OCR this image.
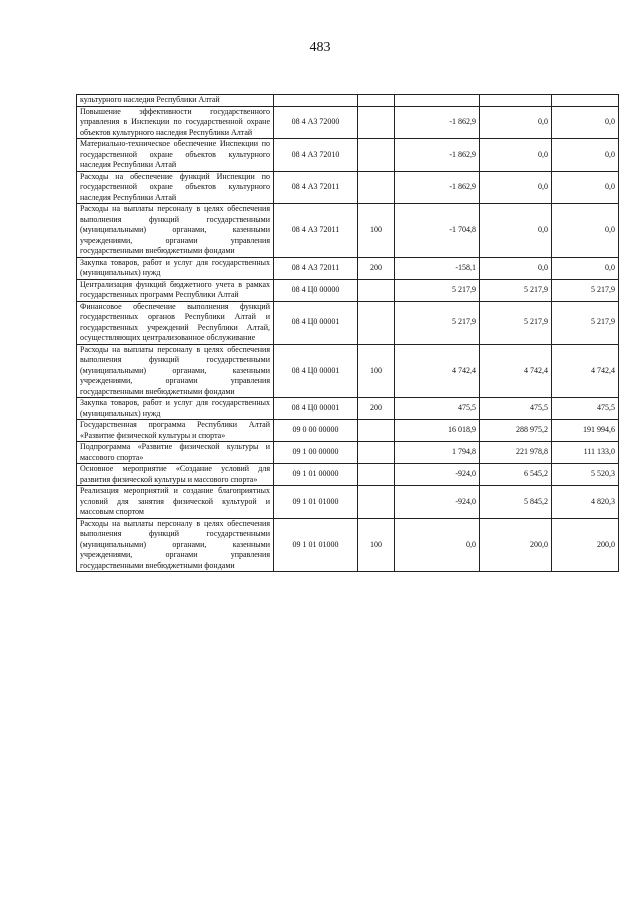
483
культурного наследия Республики Алтай					
Повышение эффективности государственного управления в Инспекции по государственной охране объектов культурного наследия Республики Алтай	08 4 А3 72000		-1 862,9	0,0	0,0
Материально-техническое обеспечение Инспекции по государственной охране объектов культурного наследия Республики Алтай	08 4 А3 72010		-1 862,9	0,0	0,0
Расходы на обеспечение функций Инспекции по государственной охране объектов культурного наследия Республики Алтай	08 4 А3 72011		-1 862,9	0,0	0,0
Расходы на выплаты персоналу в целях обеспечения выполнения функций государственными (муниципальными) органами, казенными учреждениями, органами управления государственными внебюджетными фондами	08 4 А3 72011	100	-1 704,8	0,0	0,0
Закупка товаров, работ и услуг для государственных (муниципальных) нужд	08 4 А3 72011	200	-158,1	0,0	0,0
Централизация функций бюджетного учета в рамках государственных программ Республики Алтай	08 4 Ц0 00000		5 217,9	5 217,9	5 217,9
Финансовое обеспечение выполнения функций государственных органов Республики Алтай и государственных учреждений Республики Алтай, осуществляющих централизованное обслуживание	08 4 Ц0 00001		5 217,9	5 217,9	5 217,9
Расходы на выплаты персоналу в целях обеспечения выполнения функций государственными (муниципальными) органами, казенными учреждениями, органами управления государственными внебюджетными фондами	08 4 Ц0 00001	100	4 742,4	4 742,4	4 742,4
Закупка товаров, работ и услуг для государственных (муниципальных) нужд	08 4 Ц0 00001	200	475,5	475,5	475,5
Государственная программа Республики Алтай «Развитие физической культуры и спорта»	09 0 00 00000		16 018,9	288 975,2	191 994,6
Подпрограмма «Развитие физической культуры и массового спорта»	09 1 00 00000		1 794,8	221 978,8	111 133,0
Основное мероприятие «Создание условий для развития физической культуры и массового спорта»	09 1 01 00000		-924,0	6 545,2	5 520,3
Реализация мероприятий и создание благоприятных условий для занятия физической культурой и массовым спортом	09 1 01 01000		-924,0	5 845,2	4 820,3
Расходы на выплаты персоналу в целях обеспечения выполнения функций государственными (муниципальными) органами, казенными учреждениями, органами управления государственными внебюджетными фондами	09 1 01 01000	100	0,0	200,0	200,0
